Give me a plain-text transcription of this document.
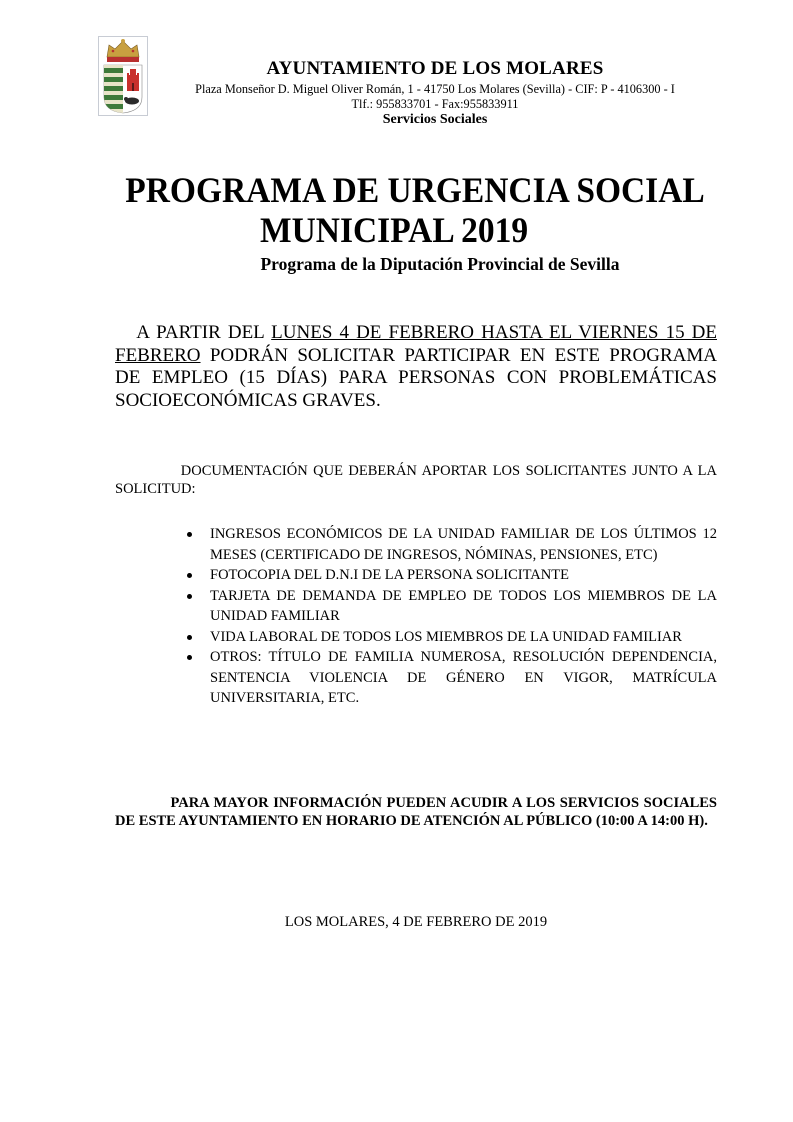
AYUNTAMIENTO DE LOS MOLARES
Plaza Monseñor D. Miguel Oliver Román, 1 - 41750 Los Molares (Sevilla) - CIF: P - 4106300 - I
Tlf.: 955833701 - Fax:955833911
Servicios Sociales
PROGRAMA DE URGENCIA SOCIAL

MUNICIPAL 2019
Programa de la Diputación Provincial de Sevilla
A PARTIR DEL LUNES 4 DE FEBRERO HASTA EL VIERNES 15 DE FEBRERO PODRÁN SOLICITAR PARTICIPAR EN ESTE PROGRAMA DE EMPLEO (15 DÍAS) PARA PERSONAS CON PROBLEMÁTICAS SOCIOECONÓMICAS GRAVES.
DOCUMENTACIÓN QUE DEBERÁN APORTAR LOS SOLICITANTES JUNTO A LA SOLICITUD:
INGRESOS ECONÓMICOS DE LA UNIDAD FAMILIAR DE LOS ÚLTIMOS 12 MESES (CERTIFICADO DE INGRESOS, NÓMINAS, PENSIONES, ETC)
FOTOCOPIA DEL D.N.I DE LA PERSONA SOLICITANTE
TARJETA DE DEMANDA DE EMPLEO DE TODOS LOS MIEMBROS DE LA UNIDAD FAMILIAR
VIDA LABORAL DE TODOS LOS MIEMBROS DE LA UNIDAD FAMILIAR
OTROS: TÍTULO DE FAMILIA NUMEROSA, RESOLUCIÓN DEPENDENCIA, SENTENCIA VIOLENCIA DE GÉNERO EN VIGOR, MATRÍCULA UNIVERSITARIA, ETC.
PARA MAYOR INFORMACIÓN PUEDEN ACUDIR A LOS SERVICIOS SOCIALES DE ESTE AYUNTAMIENTO EN HORARIO DE ATENCIÓN AL PÚBLICO (10:00 A 14:00 H).
LOS MOLARES, 4 DE FEBRERO DE 2019
